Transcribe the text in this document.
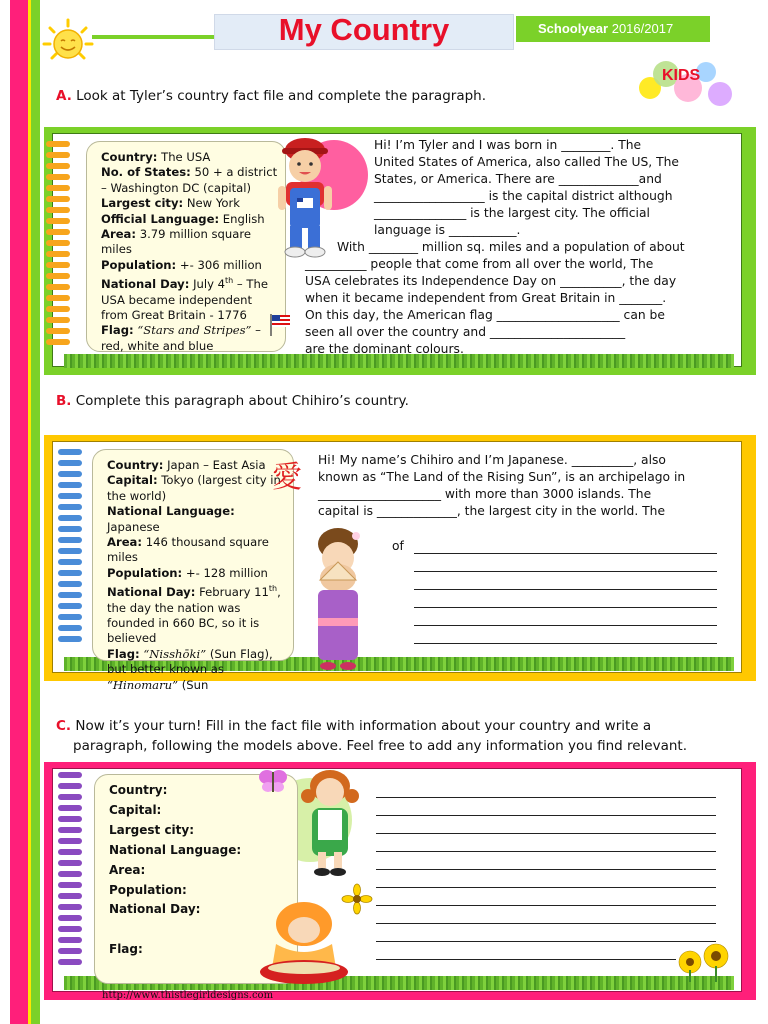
My Country	Schoolyear 2016/2017
KIDS
A. Look at Tyler’s country fact file and complete the paragraph.
Country: The USA
No. of States: 50 + a district – Washington DC (capital)
Largest city: New York
Official Language: English
Area: 3.79 million square miles
Population: +- 306 million
National Day: July 4th – The USA became independent from Great Britain - 1776
Flag: “Stars and Stripes” – red, white and blue
Hi! I’m Tyler and I was born in ________. The
United States of America, also called The US, The
States, or America. There are _____________and
__________________ is the capital district although
_______________ is the largest city. The official
language is ___________.
With ________ million sq. miles and a population of about
__________ people that come from all over the world, The
USA celebrates its Independence Day on __________, the day
when it became independent from Great Britain in _______.
On this day, the American flag ____________________ can be
seen all over the country and ______________________
are the dominant colours.
B. Complete this paragraph about Chihiro’s country.
Country: Japan – East Asia
Capital: Tokyo (largest city in the world)
National Language:
Japanese
Area: 146 thousand square miles
Population: +- 128 million
National Day: February 11th, the day the nation was founded in 660 BC, so it is believed
Flag: “Nisshōki” (Sun Flag), but better known as “Hinomaru” (Sun
愛 Hi! My name’s Chihiro and I’m Japanese. __________, also
known as “The Land of the Rising Sun”, is an archipelago in
____________________ with more than 3000 islands. The
capital is _____________, the largest city in the world. The
of
C. Now it’s your turn! Fill in the fact file with information about your country and write a
paragraph, following the models above. Feel free to add any information you find relevant.
Country:
Capital:
Largest city:
National Language:
Area:
Population:
National Day:
Flag:
http://www.thistlegirldesigns.com
